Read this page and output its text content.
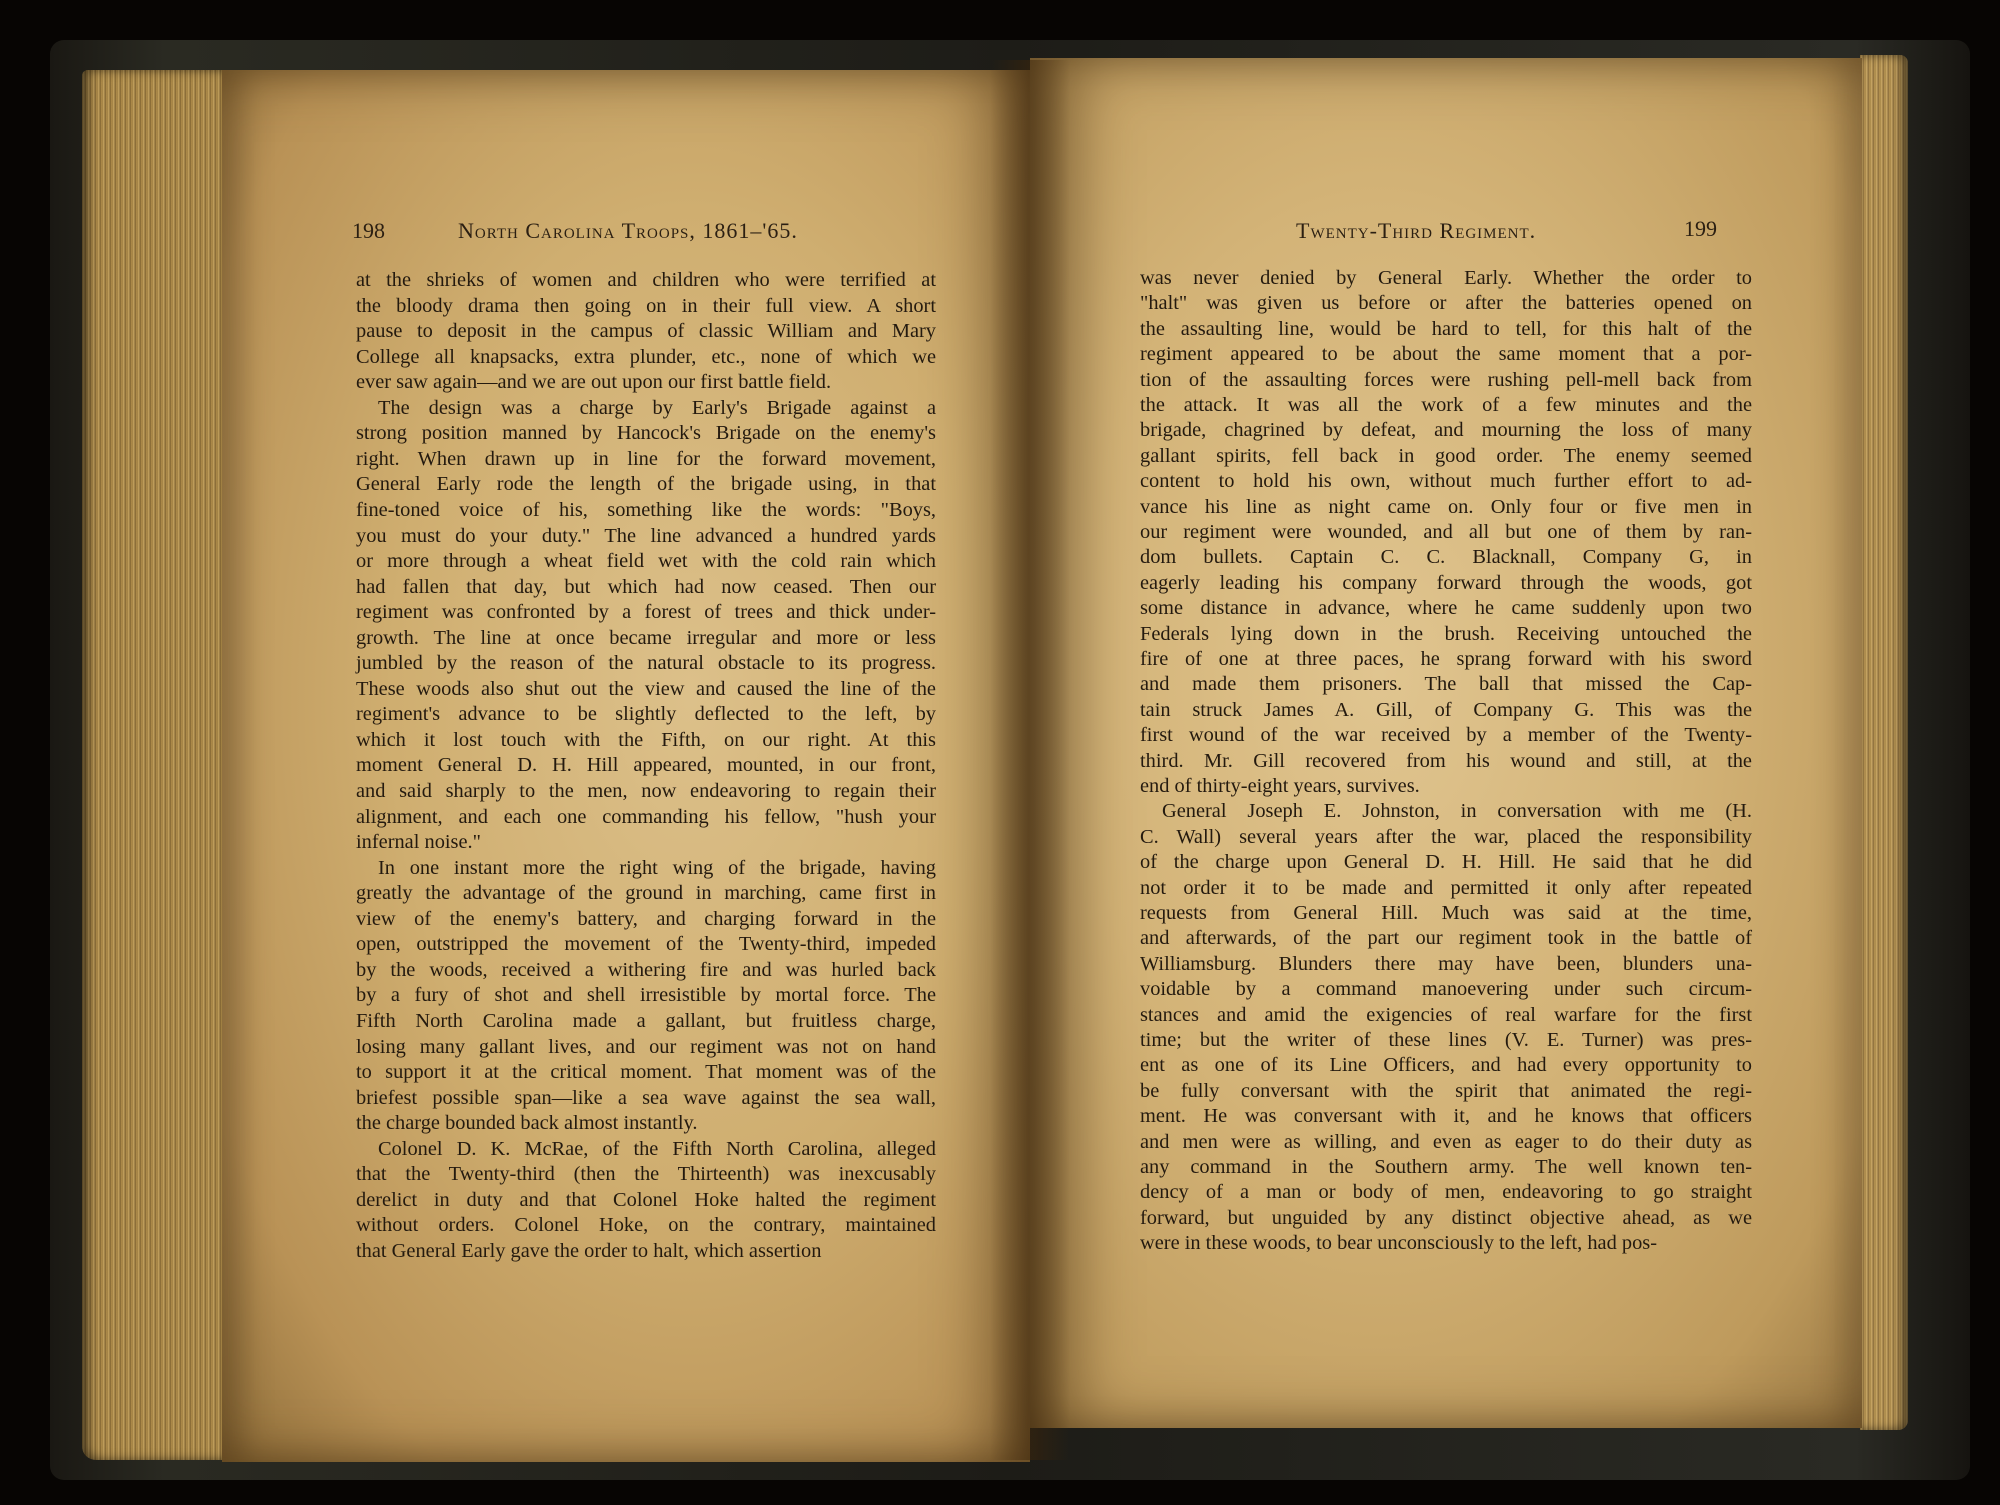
198	North Carolina Troops, 1861–'65.
at the shrieks of women and children who were terrified at
the bloody drama then going on in their full view. A short
pause to deposit in the campus of classic William and Mary
College all knapsacks, extra plunder, etc., none of which we
ever saw again—and we are out upon our first battle field.
The design was a charge by Early's Brigade against a
strong position manned by Hancock's Brigade on the enemy's
right. When drawn up in line for the forward movement,
General Early rode the length of the brigade using, in that
fine-toned voice of his, something like the words: "Boys,
you must do your duty." The line advanced a hundred yards
or more through a wheat field wet with the cold rain which
had fallen that day, but which had now ceased. Then our
regiment was confronted by a forest of trees and thick under-
growth. The line at once became irregular and more or less
jumbled by the reason of the natural obstacle to its progress.
These woods also shut out the view and caused the line of the
regiment's advance to be slightly deflected to the left, by
which it lost touch with the Fifth, on our right. At this
moment General D. H. Hill appeared, mounted, in our front,
and said sharply to the men, now endeavoring to regain their
alignment, and each one commanding his fellow, "hush your
infernal noise."
In one instant more the right wing of the brigade, having
greatly the advantage of the ground in marching, came first in
view of the enemy's battery, and charging forward in the
open, outstripped the movement of the Twenty-third, impeded
by the woods, received a withering fire and was hurled back
by a fury of shot and shell irresistible by mortal force. The
Fifth North Carolina made a gallant, but fruitless charge,
losing many gallant lives, and our regiment was not on hand
to support it at the critical moment. That moment was of the
briefest possible span—like a sea wave against the sea wall,
the charge bounded back almost instantly.
Colonel D. K. McRae, of the Fifth North Carolina, alleged
that the Twenty-third (then the Thirteenth) was inexcusably
derelict in duty and that Colonel Hoke halted the regiment
without orders. Colonel Hoke, on the contrary, maintained
that General Early gave the order to halt, which assertion
Twenty-Third Regiment.	199
was never denied by General Early. Whether the order to
"halt" was given us before or after the batteries opened on
the assaulting line, would be hard to tell, for this halt of the
regiment appeared to be about the same moment that a por-
tion of the assaulting forces were rushing pell-mell back from
the attack. It was all the work of a few minutes and the
brigade, chagrined by defeat, and mourning the loss of many
gallant spirits, fell back in good order. The enemy seemed
content to hold his own, without much further effort to ad-
vance his line as night came on. Only four or five men in
our regiment were wounded, and all but one of them by ran-
dom bullets. Captain C. C. Blacknall, Company G, in
eagerly leading his company forward through the woods, got
some distance in advance, where he came suddenly upon two
Federals lying down in the brush. Receiving untouched the
fire of one at three paces, he sprang forward with his sword
and made them prisoners. The ball that missed the Cap-
tain struck James A. Gill, of Company G. This was the
first wound of the war received by a member of the Twenty-
third. Mr. Gill recovered from his wound and still, at the
end of thirty-eight years, survives.
General Joseph E. Johnston, in conversation with me (H.
C. Wall) several years after the war, placed the responsibility
of the charge upon General D. H. Hill. He said that he did
not order it to be made and permitted it only after repeated
requests from General Hill. Much was said at the time,
and afterwards, of the part our regiment took in the battle of
Williamsburg. Blunders there may have been, blunders una-
voidable by a command manoevering under such circum-
stances and amid the exigencies of real warfare for the first
time; but the writer of these lines (V. E. Turner) was pres-
ent as one of its Line Officers, and had every opportunity to
be fully conversant with the spirit that animated the regi-
ment. He was conversant with it, and he knows that officers
and men were as willing, and even as eager to do their duty as
any command in the Southern army. The well known ten-
dency of a man or body of men, endeavoring to go straight
forward, but unguided by any distinct objective ahead, as we
were in these woods, to bear unconsciously to the left, had pos-
